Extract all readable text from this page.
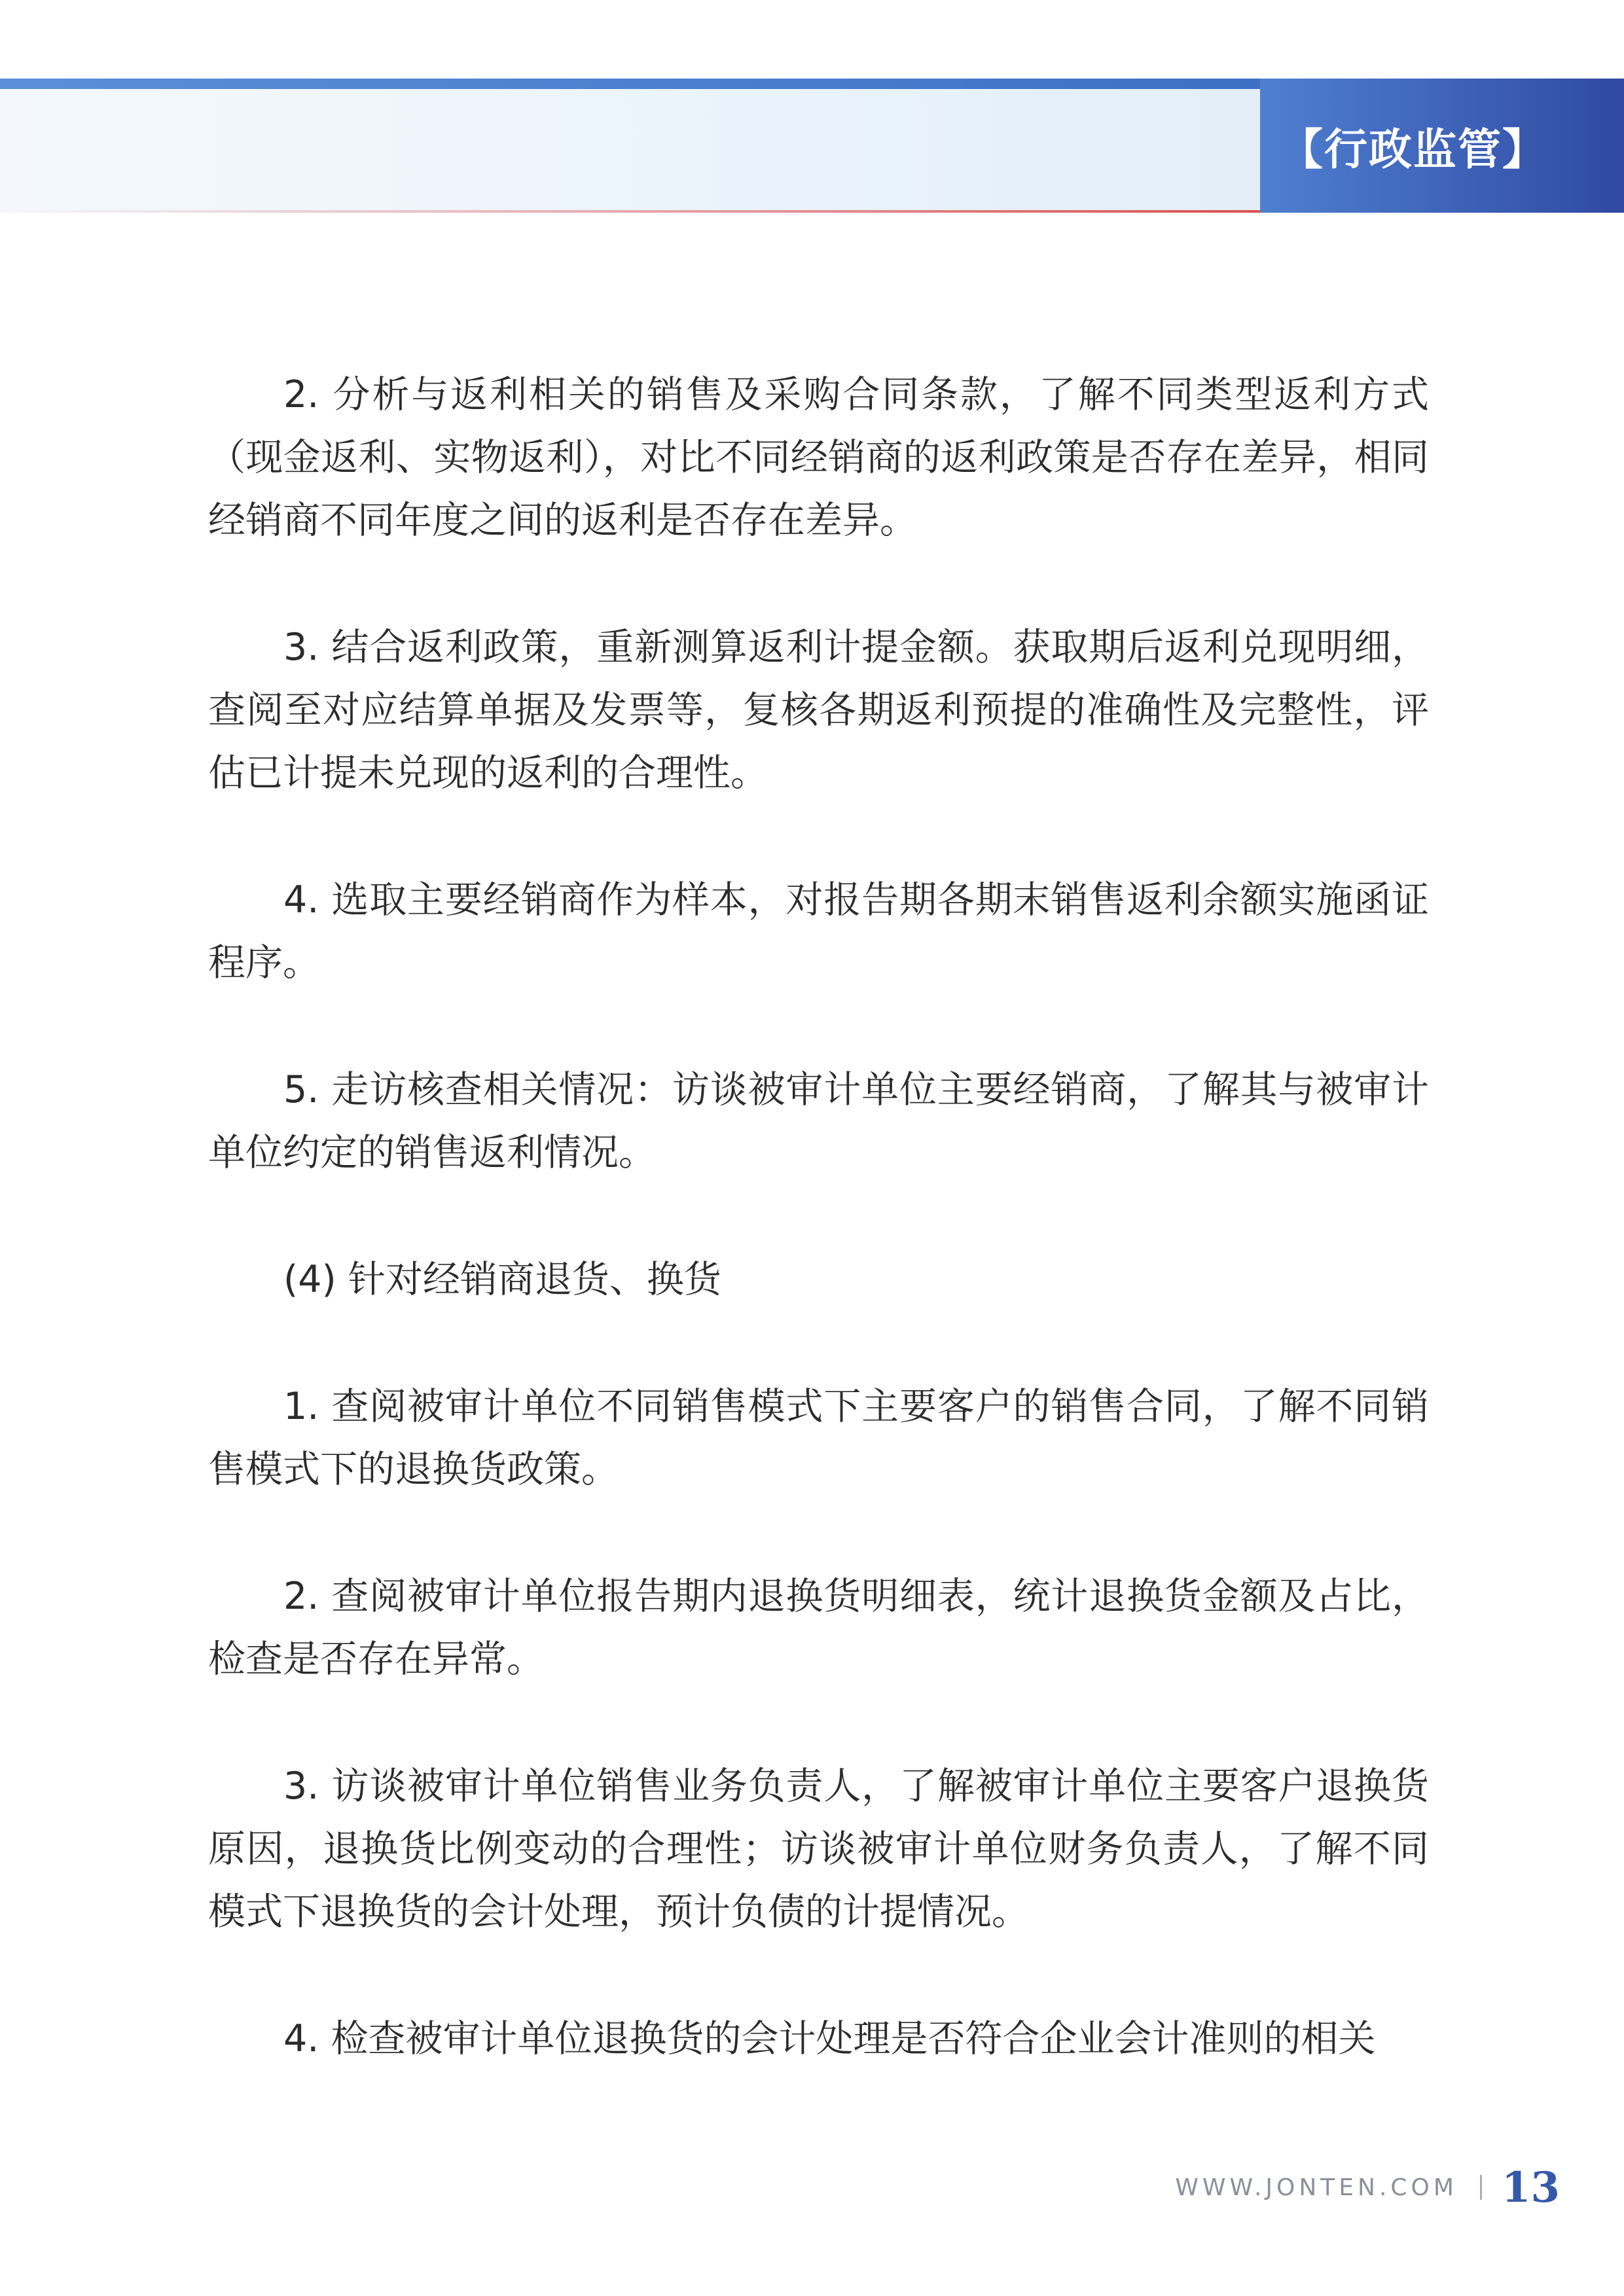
【行政监管】

2. 分析与返利相关的销售及采购合同条款，了解不同类型返利方式（现金返利、实物返利），对比不同经销商的返利政策是否存在差异，相同经销商不同年度之间的返利是否存在差异。

3. 结合返利政策，重新测算返利计提金额。获取期后返利兑现明细，查阅至对应结算单据及发票等，复核各期返利预提的准确性及完整性，评估已计提未兑现的返利的合理性。

4. 选取主要经销商作为样本，对报告期各期末销售返利余额实施函证程序。

5. 走访核查相关情况：访谈被审计单位主要经销商，了解其与被审计单位约定的销售返利情况。

(4) 针对经销商退货、换货

1. 查阅被审计单位不同销售模式下主要客户的销售合同，了解不同销售模式下的退换货政策。

2. 查阅被审计单位报告期内退换货明细表，统计退换货金额及占比，检查是否存在异常。

3. 访谈被审计单位销售业务负责人，了解被审计单位主要客户退换货原因，退换货比例变动的合理性；访谈被审计单位财务负责人，了解不同模式下退换货的会计处理，预计负债的计提情况。

4. 检查被审计单位退换货的会计处理是否符合企业会计准则的相关

WWW.JONTEN.COM 13
